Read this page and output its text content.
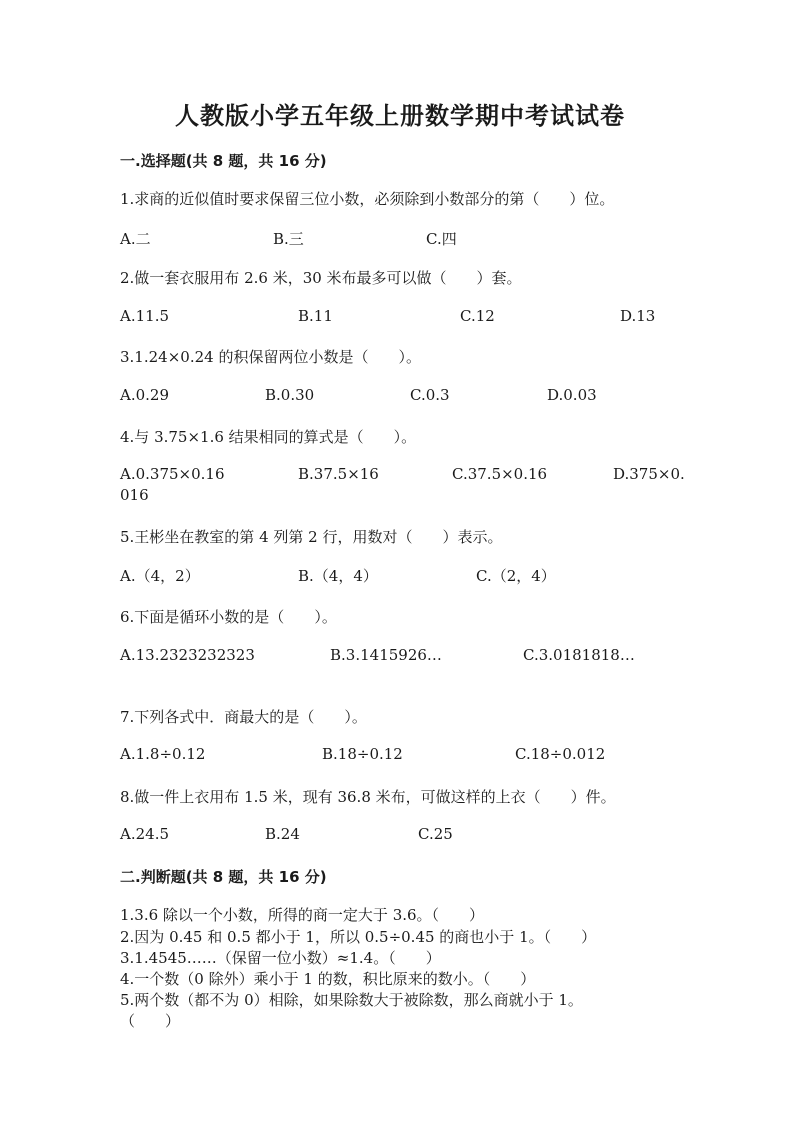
人教版小学五年级上册数学期中考试试卷
一.选择题(共 8 题，共 16 分)
1.求商的近似值时要求保留三位小数，必须除到小数部分的第（　　）位。
A.二	B.三	C.四
2.做一套衣服用布 2.6 米，30 米布最多可以做（　　）套。
A.11.5	B.11	C.12	D.13
3.1.24×0.24 的积保留两位小数是（　　）。
A.0.29	B.0.30	C.0.3	D.0.03
4.与 3.75×1.6 结果相同的算式是（　　）。
A.0.375×0.16	B.37.5×16	C.37.5×0.16	D.375×0.
016
5.王彬坐在教室的第 4 列第 2 行，用数对（　　）表示。
A.（4，2）	B.（4，4）	C.（2，4）
6.下面是循环小数的是（　　）。
A.13.2323232323	B.3.1415926…	C.3.0181818…
7.下列各式中．商最大的是（　　）。
A.1.8÷0.12	B.18÷0.12	C.18÷0.012
8.做一件上衣用布 1.5 米，现有 36.8 米布，可做这样的上衣（　　）件。
A.24.5	B.24	C.25
二.判断题(共 8 题，共 16 分)
1.3.6 除以一个小数，所得的商一定大于 3.6。（　　）
2.因为 0.45 和 0.5 都小于 1，所以 0.5÷0.45 的商也小于 1。（　　）
3.1.4545……（保留一位小数）≈1.4。（　　）
4.一个数（0 除外）乘小于 1 的数，积比原来的数小。（　　）
5.两个数（都不为 0）相除，如果除数大于被除数，那么商就小于 1。
（　　）
